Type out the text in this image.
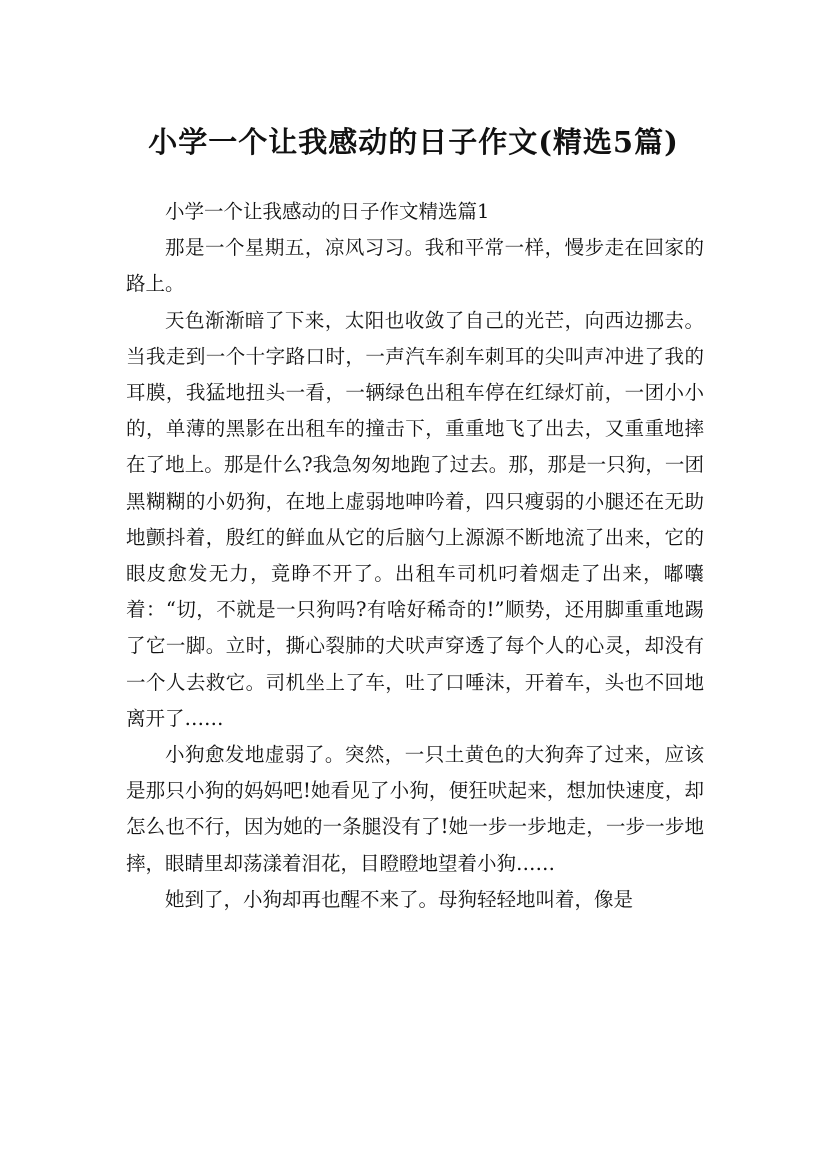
小学一个让我感动的日子作文(精选5篇)

小学一个让我感动的日子作文精选篇1

那是一个星期五，凉风习习。我和平常一样，慢步走在回家的路上。

天色渐渐暗了下来，太阳也收敛了自己的光芒，向西边挪去。当我走到一个十字路口时，一声汽车刹车刺耳的尖叫声冲进了我的耳膜，我猛地扭头一看，一辆绿色出租车停在红绿灯前，一团小小的，单薄的黑影在出租车的撞击下，重重地飞了出去，又重重地摔在了地上。那是什么?我急匆匆地跑了过去。那，那是一只狗，一团黑糊糊的小奶狗，在地上虚弱地呻吟着，四只瘦弱的小腿还在无助地颤抖着，殷红的鲜血从它的后脑勺上源源不断地流了出来，它的眼皮愈发无力，竟睁不开了。出租车司机叼着烟走了出来，嘟囔着：“切，不就是一只狗吗?有啥好稀奇的!”顺势，还用脚重重地踢了它一脚。立时，撕心裂肺的犬吠声穿透了每个人的心灵，却没有一个人去救它。司机坐上了车，吐了口唾沫，开着车，头也不回地离开了……

小狗愈发地虚弱了。突然，一只土黄色的大狗奔了过来，应该是那只小狗的妈妈吧!她看见了小狗，便狂吠起来，想加快速度，却怎么也不行，因为她的一条腿没有了!她一步一步地走，一步一步地摔，眼睛里却荡漾着泪花，目瞪瞪地望着小狗……

她到了，小狗却再也醒不来了。母狗轻轻地叫着，像是
